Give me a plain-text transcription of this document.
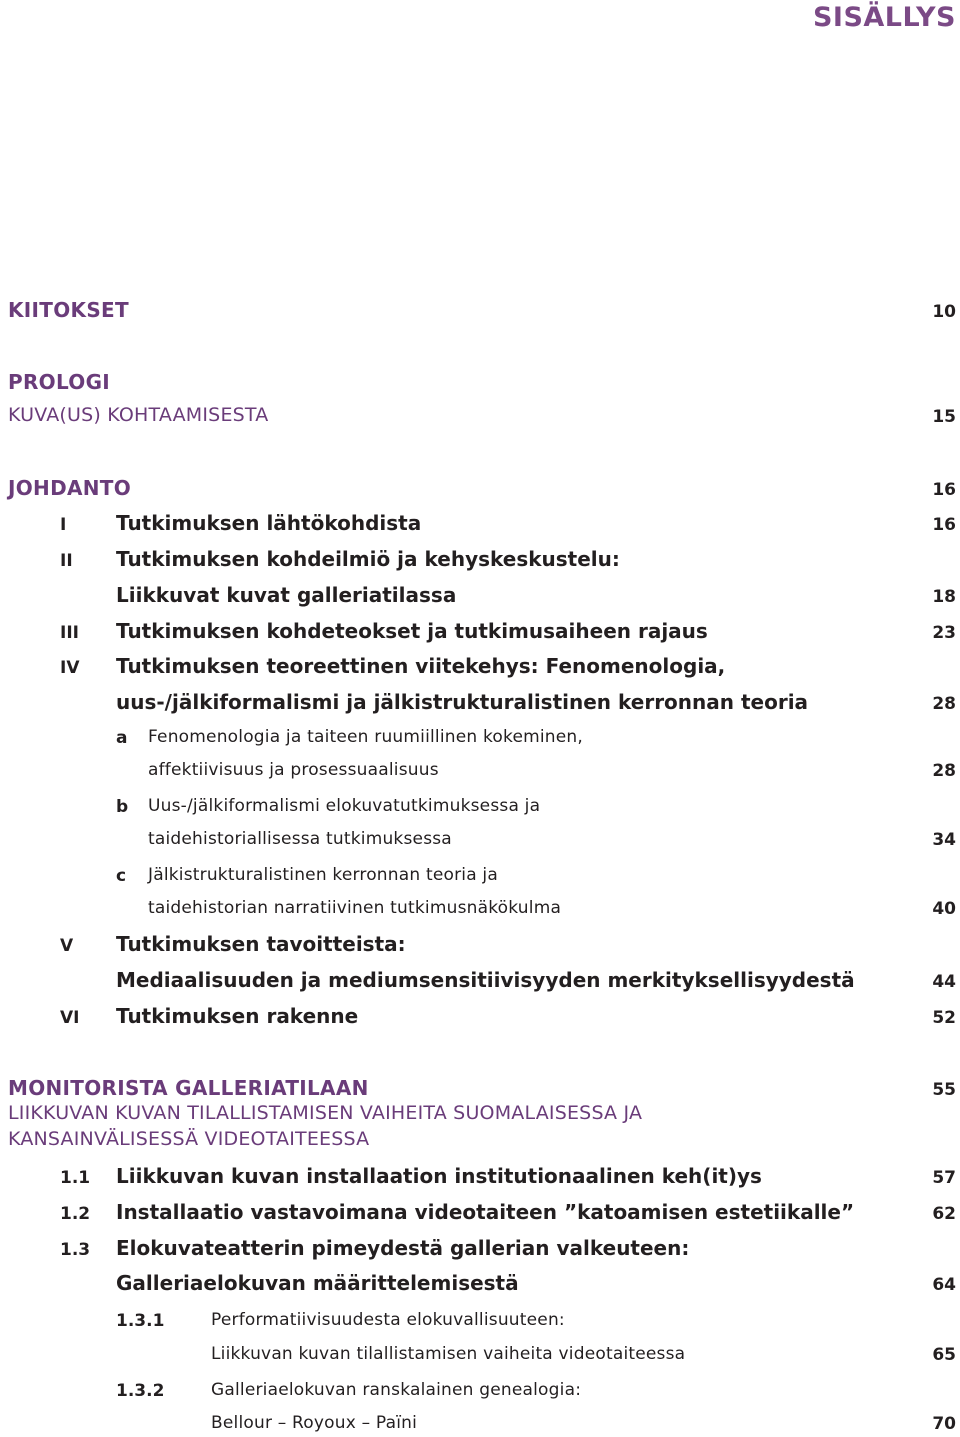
SISÄLLYS
KIITOKSET	10
PROLOGI
KUVA(US) KOHTAAMISESTA	15
JOHDANTO	16
I Tutkimuksen lähtökohdista	16
II Tutkimuksen kohdeilmiö ja kehyskeskustelu:
Liikkuvat kuvat galleriatilassa	18
III Tutkimuksen kohdeteokset ja tutkimusaiheen rajaus	23
IV Tutkimuksen teoreettinen viitekehys: Fenomenologia,
uus-/jälkiformalismi ja jälkistrukturalistinen kerronnan teoria	28
a Fenomenologia ja taiteen ruumiillinen kokeminen,
affektiivisuus ja prosessuaalisuus	28
b Uus-/jälkiformalismi elokuvatutkimuksessa ja
taidehistoriallisessa tutkimuksessa	34
c Jälkistrukturalistinen kerronnan teoria ja
taidehistorian narratiivinen tutkimusnäkökulma	40
V Tutkimuksen tavoitteista:
Mediaalisuuden ja mediumsensitiivisyyden merkityksellisyydestä	44
VI Tutkimuksen rakenne	52
MONITORISTA GALLERIATILAAN	55
LIIKKUVAN KUVAN TILALLISTAMISEN VAIHEITA SUOMALAISESSA JA
KANSAINVÄLISESSÄ VIDEOTAITEESSA
1.1 Liikkuvan kuvan installaation institutionaalinen keh(it)ys	57
1.2 Installaatio vastavoimana videotaiteen ”katoamisen estetiikalle”	62
1.3 Elokuvateatterin pimeydestä gallerian valkeuteen:
Galleriaelokuvan määrittelemisestä	64
1.3.1	Performatiivisuudesta elokuvallisuuteen:
Liikkuvan kuvan tilallistamisen vaiheita videotaiteessa	65
1.3.2	Galleriaelokuvan ranskalainen genealogia:
Bellour – Royoux – Païni	70
